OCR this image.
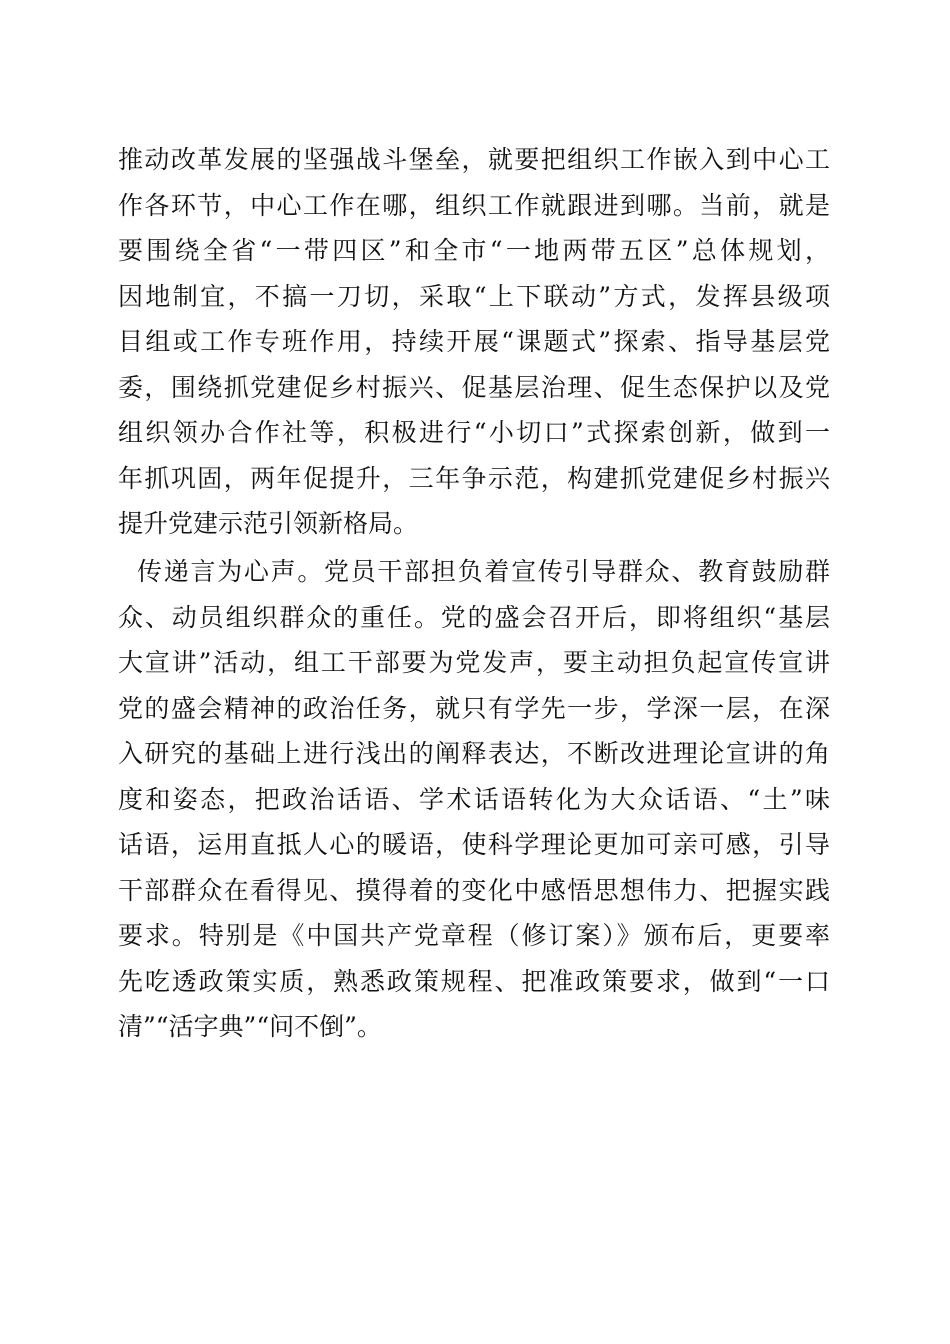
推动改革发展的坚强战斗堡垒，就要把组织工作嵌入到中心工
作各环节，中心工作在哪，组织工作就跟进到哪。当前，就是
要围绕全省“一带四区”和全市“一地两带五区”总体规划，
因地制宜，不搞一刀切，采取“上下联动”方式，发挥县级项
目组或工作专班作用，持续开展“课题式”探索、指导基层党
委，围绕抓党建促乡村振兴、促基层治理、促生态保护以及党
组织领办合作社等，积极进行“小切口”式探索创新，做到一
年抓巩固，两年促提升，三年争示范，构建抓党建促乡村振兴
提升党建示范引领新格局。
传递言为心声。党员干部担负着宣传引导群众、教育鼓励群
众、动员组织群众的重任。党的盛会召开后，即将组织“基层
大宣讲”活动，组工干部要为党发声，要主动担负起宣传宣讲
党的盛会精神的政治任务，就只有学先一步，学深一层，在深
入研究的基础上进行浅出的阐释表达，不断改进理论宣讲的角
度和姿态，把政治话语、学术话语转化为大众话语、“土”味
话语，运用直抵人心的暖语，使科学理论更加可亲可感，引导
干部群众在看得见、摸得着的变化中感悟思想伟力、把握实践
要求。特别是《中国共产党章程（修订案）》颁布后，更要率
先吃透政策实质，熟悉政策规程、把准政策要求，做到“一口
清”“活字典”“问不倒”。
